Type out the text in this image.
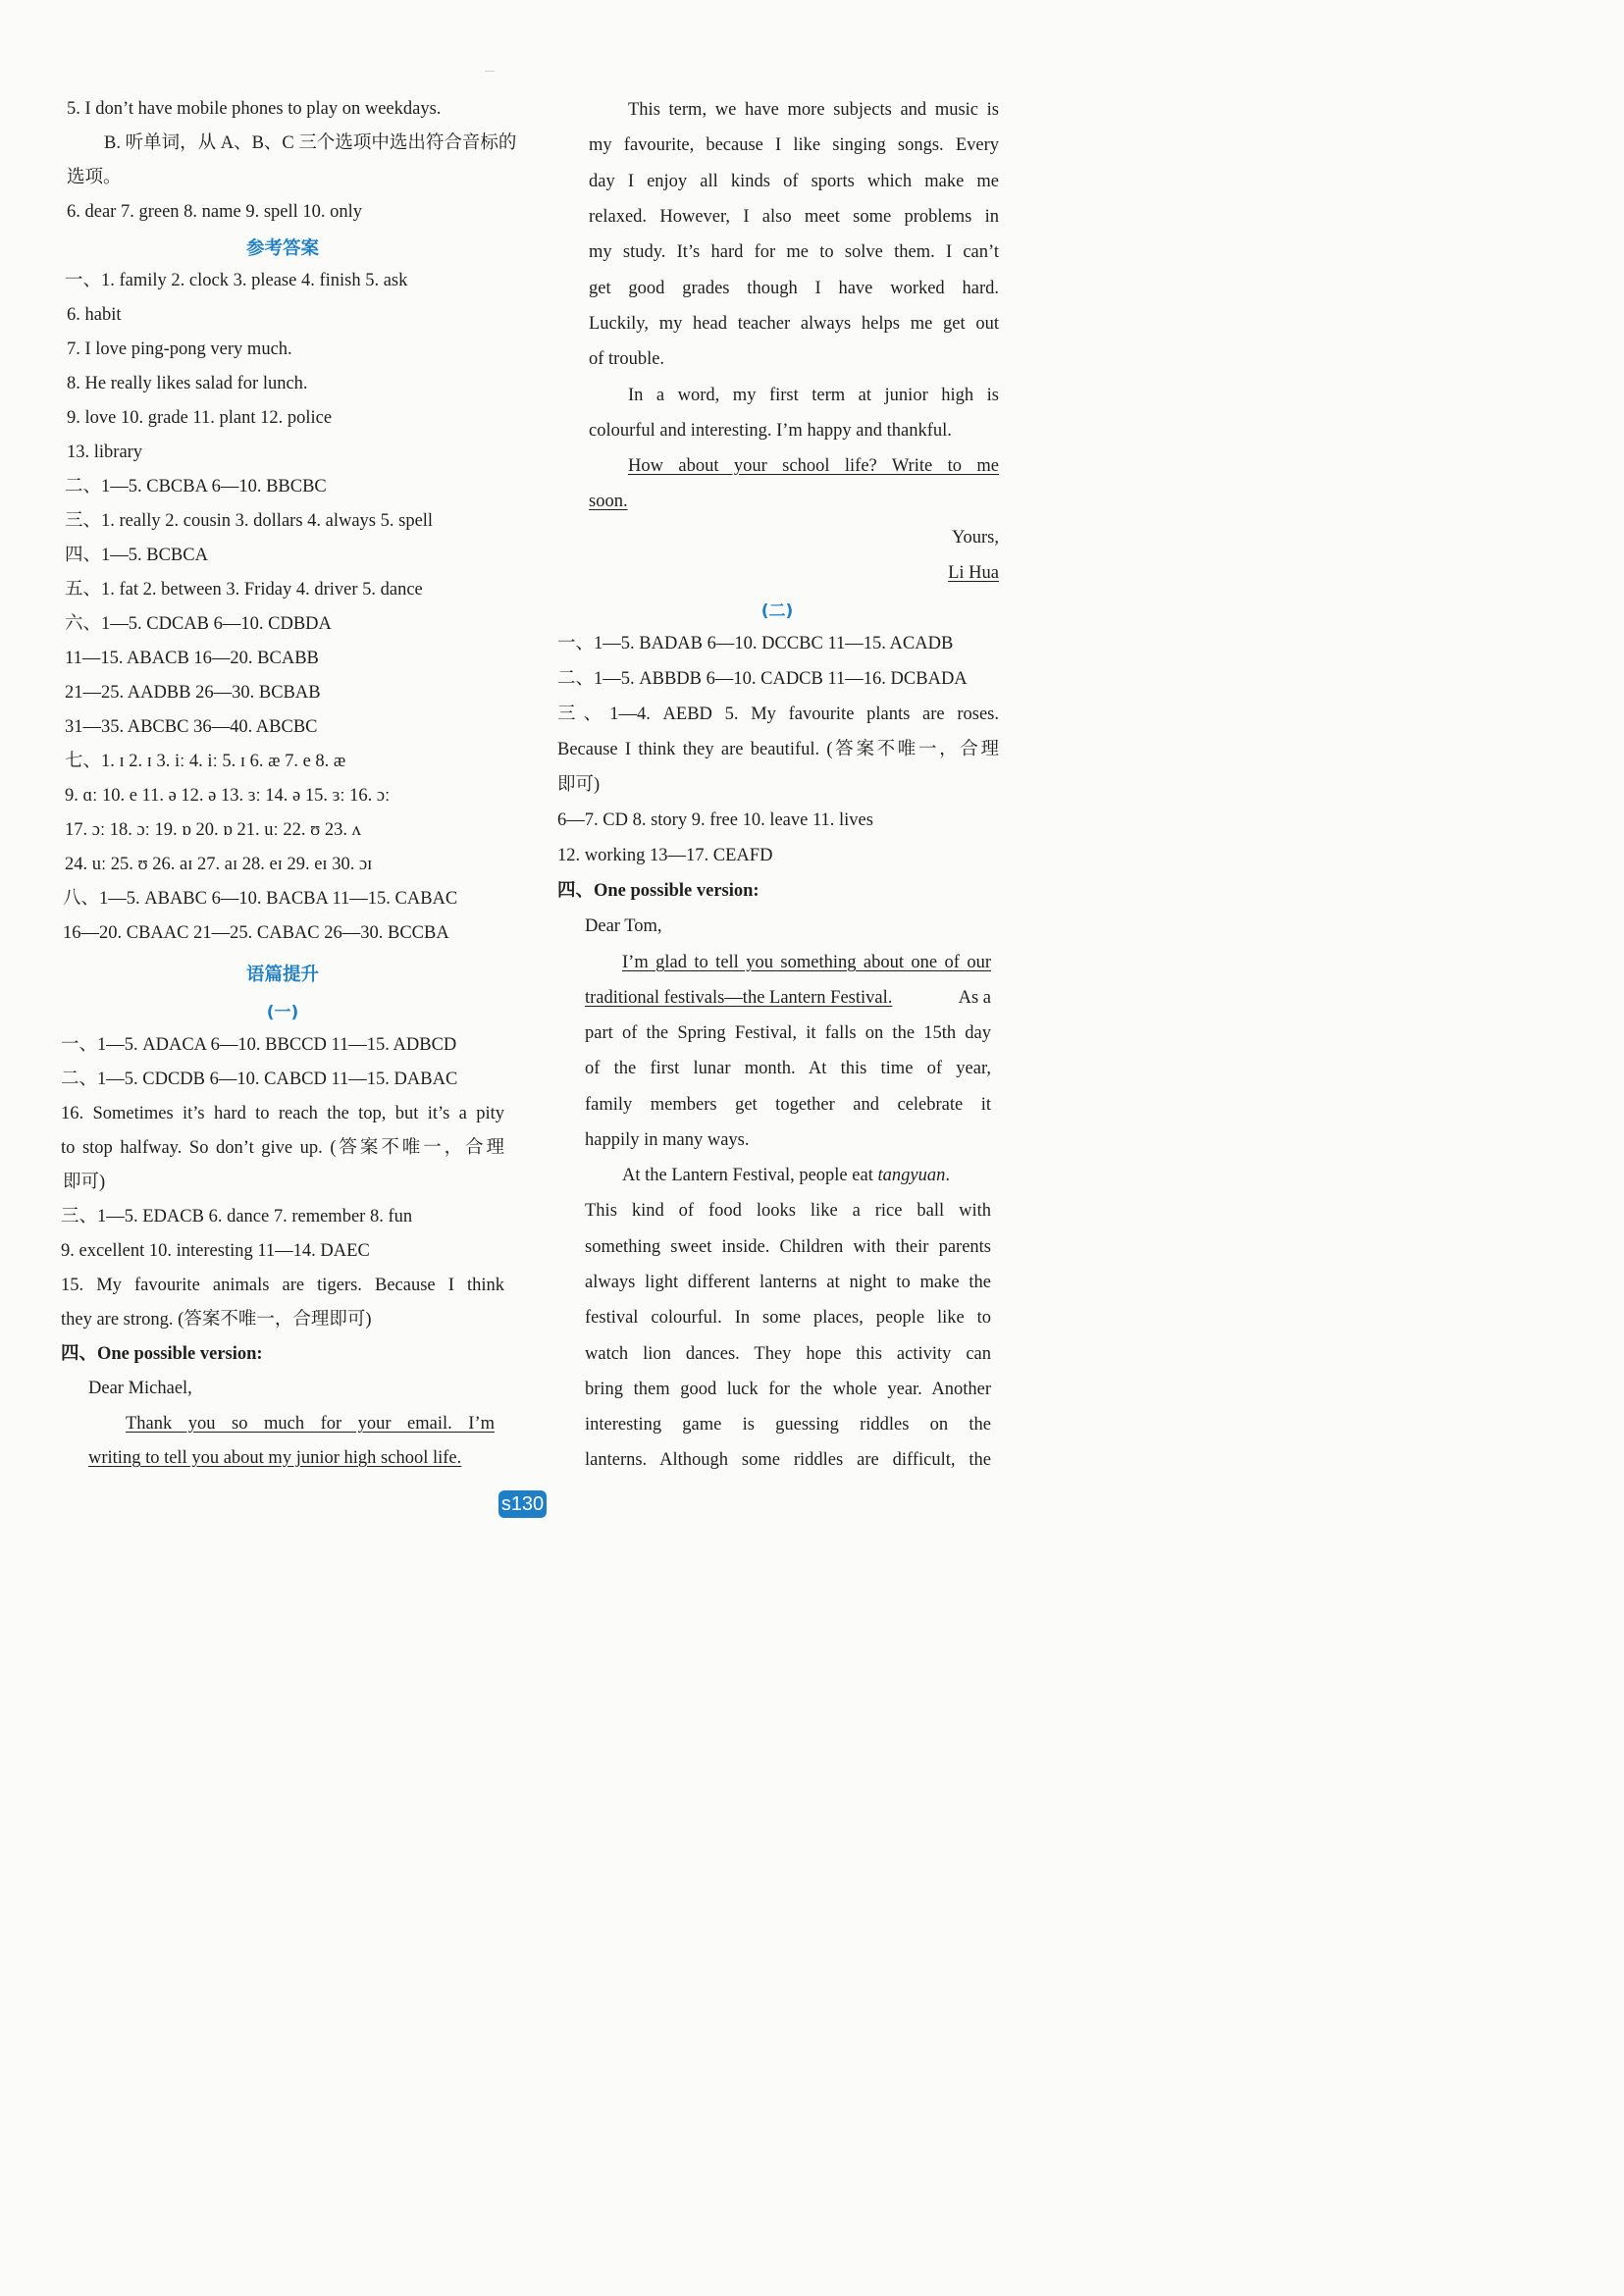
5. I don’t have mobile phones to play on weekdays.
B. 听单词，从 A、B、C 三个选项中选出符合音标的
选项。
6. dear 7. green 8. name 9. spell 10. only
参考答案
一、1. family 2. clock 3. please 4. finish 5. ask
6. habit
7. I love ping-pong very much.
8. He really likes salad for lunch.
9. love 10. grade 11. plant 12. police
13. library
二、1—5. CBCBA 6—10. BBCBC
三、1. really 2. cousin 3. dollars 4. always 5. spell
四、1—5. BCBCA
五、1. fat 2. between 3. Friday 4. driver 5. dance
六、1—5. CDCAB 6—10. CDBDA
11—15. ABACB 16—20. BCABB
21—25. AADBB 26—30. BCBAB
31—35. ABCBC 36—40. ABCBC
七、1. ɪ 2. ɪ 3. iː 4. iː 5. ɪ 6. æ 7. e 8. æ
9. ɑː 10. e 11. ə 12. ə 13. ɜː 14. ə 15. ɜː 16. ɔː
17. ɔː 18. ɔː 19. ɒ 20. ɒ 21. uː 22. ʊ 23. ʌ
24. uː 25. ʊ 26. aɪ 27. aɪ 28. eɪ 29. eɪ 30. ɔɪ
八、1—5. ABABC 6—10. BACBA 11—15. CABAC
16—20. CBAAC 21—25. CABAC 26—30. BCCBA
语篇提升
(一)
一、1—5. ADACA 6—10. BBCCD 11—15. ADBCD
二、1—5. CDCDB 6—10. CABCD 11—15. DABAC
16. Sometimes it’s hard to reach the top, but it’s a pity
to stop halfway. So don’t give up. (答案不唯一，合理
即可)
三、1—5. EDACB 6. dance 7. remember 8. fun
9. excellent 10. interesting 11—14. DAEC
15. My favourite animals are tigers. Because I think
they are strong. (答案不唯一，合理即可)
四、One possible version:
Dear Michael,
Thank you so much for your email. I’m
writing to tell you about my junior high school life.
This term, we have more subjects and music is
my favourite, because I like singing songs. Every
day I enjoy all kinds of sports which make me
relaxed. However, I also meet some problems in
my study. It’s hard for me to solve them. I can’t
get good grades though I have worked hard.
Luckily, my head teacher always helps me get out
of trouble.
In a word, my first term at junior high is
colourful and interesting. I’m happy and thankful.
How about your school life? Write to me
soon.
Yours,
Li Hua
(二)
一、1—5. BADAB 6—10. DCCBC 11—15. ACADB
二、1—5. ABBDB 6—10. CADCB 11—16. DCBADA
三、1—4. AEBD 5. My favourite plants are roses.
Because I think they are beautiful. (答案不唯一，合理
即可)
6—7. CD 8. story 9. free 10. leave 11. lives
12. working 13—17. CEAFD
四、One possible version:
Dear Tom,
I’m glad to tell you something about one of our
traditional festivals—the Lantern Festival.	As a
part of the Spring Festival, it falls on the 15th day
of the first lunar month. At this time of year,
family members get together and celebrate it
happily in many ways.
At the Lantern Festival, people eat tangyuan.
This kind of food looks like a rice ball with
something sweet inside. Children with their parents
always light different lanterns at night to make the
festival colourful. In some places, people like to
watch lion dances. They hope this activity can
bring them good luck for the whole year. Another
interesting game is guessing riddles on the
lanterns. Although some riddles are difficult, the
s130
